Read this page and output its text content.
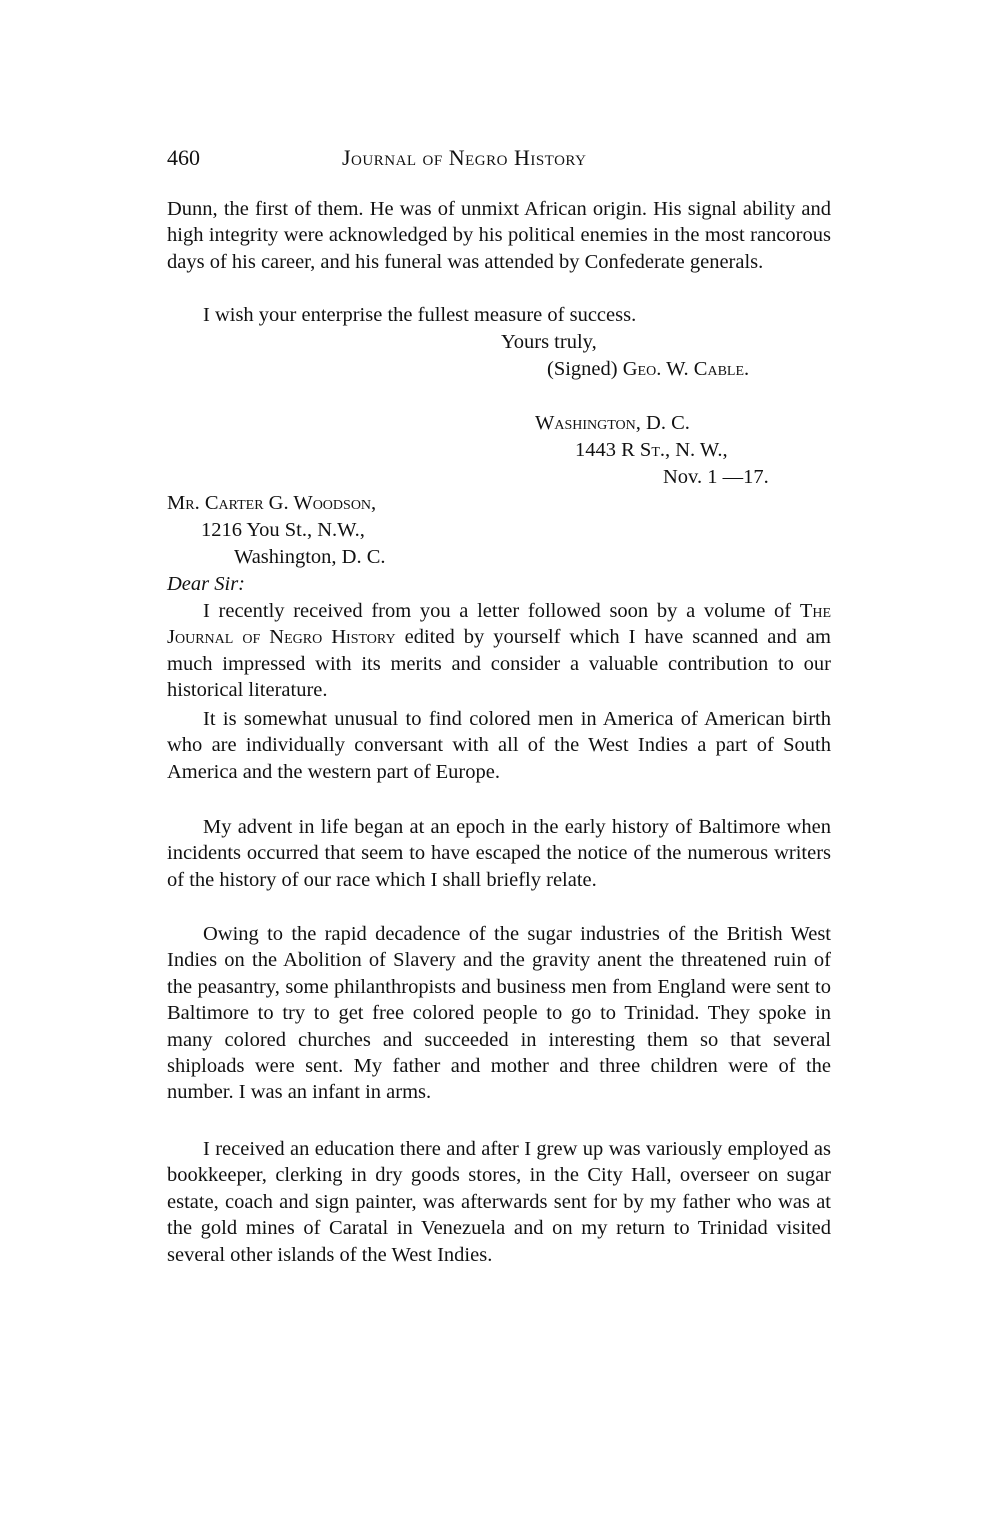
460	Journal of Negro History

Dunn, the first of them. He was of unmixt African origin. His signal ability and high integrity were acknowledged by his political enemies in the most rancorous days of his career, and his funeral was attended by Confederate generals.

I wish your enterprise the fullest measure of success.

Yours truly,
(Signed) Geo. W. Cable.
Washington, D. C.
1443 R St., N. W.,
Nov. 1 —17.
Mr. Carter G. Woodson,
1216 You St., N.W.,
Washington, D. C.
Dear Sir:

I recently received from you a letter followed soon by a volume of The Journal of Negro History edited by yourself which I have scanned and am much impressed with its merits and consider a valuable contribution to our historical literature.

It is somewhat unusual to find colored men in America of American birth who are individually conversant with all of the West Indies a part of South America and the western part of Europe.

My advent in life began at an epoch in the early history of Baltimore when incidents occurred that seem to have escaped the notice of the numerous writers of the history of our race which I shall briefly relate.

Owing to the rapid decadence of the sugar industries of the British West Indies on the Abolition of Slavery and the gravity anent the threatened ruin of the peasantry, some philanthropists and business men from England were sent to Baltimore to try to get free colored people to go to Trinidad. They spoke in many colored churches and succeeded in interesting them so that several shiploads were sent. My father and mother and three children were of the number. I was an infant in arms.

I received an education there and after I grew up was variously employed as bookkeeper, clerking in dry goods stores, in the City Hall, overseer on sugar estate, coach and sign painter, was afterwards sent for by my father who was at the gold mines of Caratal in Venezuela and on my return to Trinidad visited several other islands of the West Indies.
